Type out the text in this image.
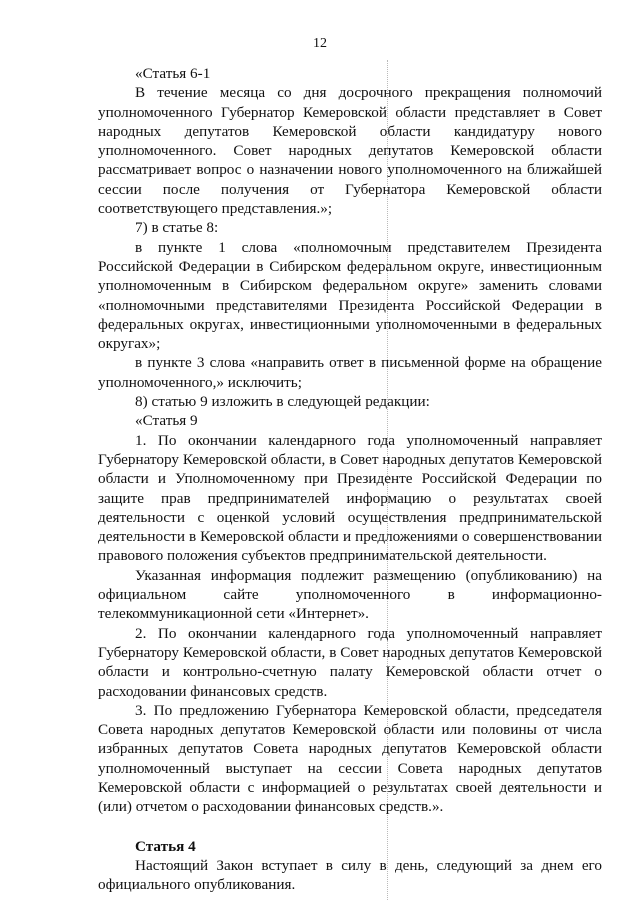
12

«Статья 6-1

В течение месяца со дня досрочного прекращения полномочий уполномоченного Губернатор Кемеровской области представляет в Совет народных депутатов Кемеровской области кандидатуру нового уполномоченного. Совет народных депутатов Кемеровской области рассматривает вопрос о назначении нового уполномоченного на ближайшей сессии после получения от Губернатора Кемеровской области соответствующего представления.»;

7) в статье 8:

в пункте 1 слова «полномочным представителем Президента Российской Федерации в Сибирском федеральном округе, инвестиционным уполномоченным в Сибирском федеральном округе» заменить словами «полномочными представителями Президента Российской Федерации в федеральных округах, инвестиционными уполномоченными в федеральных округах»;

в пункте 3 слова «направить ответ в письменной форме на обращение уполномоченного,» исключить;

8) статью 9 изложить в следующей редакции:

«Статья 9

1. По окончании календарного года уполномоченный направляет Губернатору Кемеровской области, в Совет народных депутатов Кемеровской области и Уполномоченному при Президенте Российской Федерации по защите прав предпринимателей информацию о результатах своей деятельности с оценкой условий осуществления предпринимательской деятельности в Кемеровской области и предложениями о совершенствовании правового положения субъектов предпринимательской деятельности.

Указанная информация подлежит размещению (опубликованию) на официальном сайте уполномоченного в информационно-телекоммуникационной сети «Интернет».

2. По окончании календарного года уполномоченный направляет Губернатору Кемеровской области, в Совет народных депутатов Кемеровской области и контрольно-счетную палату Кемеровской области отчет о расходовании финансовых средств.

3. По предложению Губернатора Кемеровской области, председателя Совета народных депутатов Кемеровской области или половины от числа избранных депутатов Совета народных депутатов Кемеровской области уполномоченный выступает на сессии Совета народных депутатов Кемеровской области с информацией о результатах своей деятельности и (или) отчетом о расходовании финансовых средств.».

Статья 4

Настоящий Закон вступает в силу в день, следующий за днем его официального опубликования.
